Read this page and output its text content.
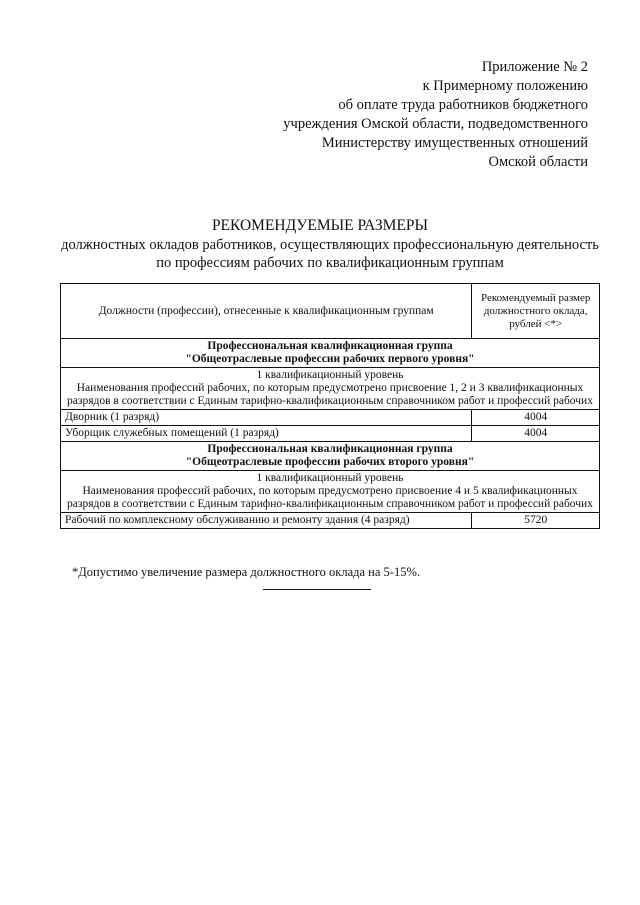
Приложение № 2
к Примерному положению
об оплате труда работников бюджетного
учреждения Омской области, подведомственного
Министерству имущественных отношений
Омской области
РЕКОМЕНДУЕМЫЕ РАЗМЕРЫ
должностных окладов работников, осуществляющих профессиональную деятельность по профессиям рабочих по квалификационным группам
Должности (профессии), отнесенные к квалификационным группам	Рекомендуемый размер должностного оклада, рублей <*>

Профессиональная квалификационная группа
"Общеотраслевые профессии рабочих первого уровня"	

1 квалификационный уровень
Наименования профессий рабочих, по которым предусмотрено присвоение 1, 2 и 3 квалификационных разрядов в соответствии с Единым тарифно-квалификационным справочником работ и профессий рабочих	

Дворник (1 разряд)	4004
Уборщик служебных помещений (1 разряд)	4004

Профессиональная квалификационная группа
"Общеотраслевые профессии рабочих второго уровня"	

1 квалификационный уровень
Наименования профессий рабочих, по которым предусмотрено присвоение 4 и 5 квалификационных разрядов в соответствии с Единым тарифно-квалификационным справочником работ и профессий рабочих	

Рабочий по комплексному обслуживанию и ремонту здания (4 разряд)	5720
*Допустимо увеличение размера должностного оклада на 5-15%.
